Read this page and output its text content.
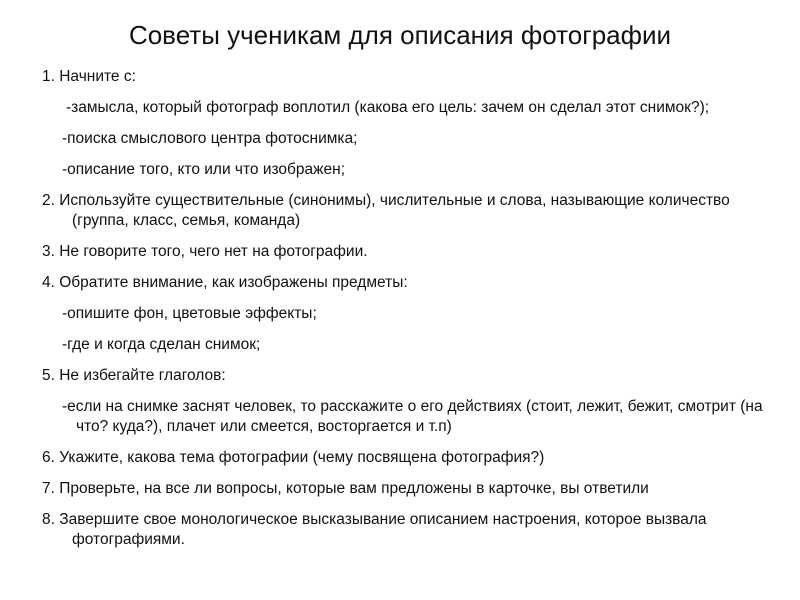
Советы ученикам для описания фотографии

1. Начните с:

-замысла, который фотограф воплотил (какова его цель: зачем он сделал этот снимок?);

-поиска смыслового центра фотоснимка;

-описание того, кто или что изображен;

2. Используйте существительные (синонимы), числительные и слова, называющие количество (группа, класс, семья, команда)

3. Не говорите того, чего нет на фотографии.

4. Обратите внимание, как изображены предметы:

-опишите фон, цветовые эффекты;

-где и когда сделан снимок;

5. Не избегайте глаголов:

-если на снимке заснят человек, то расскажите о его действиях (стоит, лежит, бежит, смотрит (на что? куда?), плачет или смеется, восторгается и т.п)

6. Укажите, какова тема фотографии (чему посвящена фотография?)

7. Проверьте, на все ли вопросы, которые вам предложены в карточке, вы ответили

8. Завершите свое монологическое высказывание описанием настроения, которое вызвала фотографиями.
